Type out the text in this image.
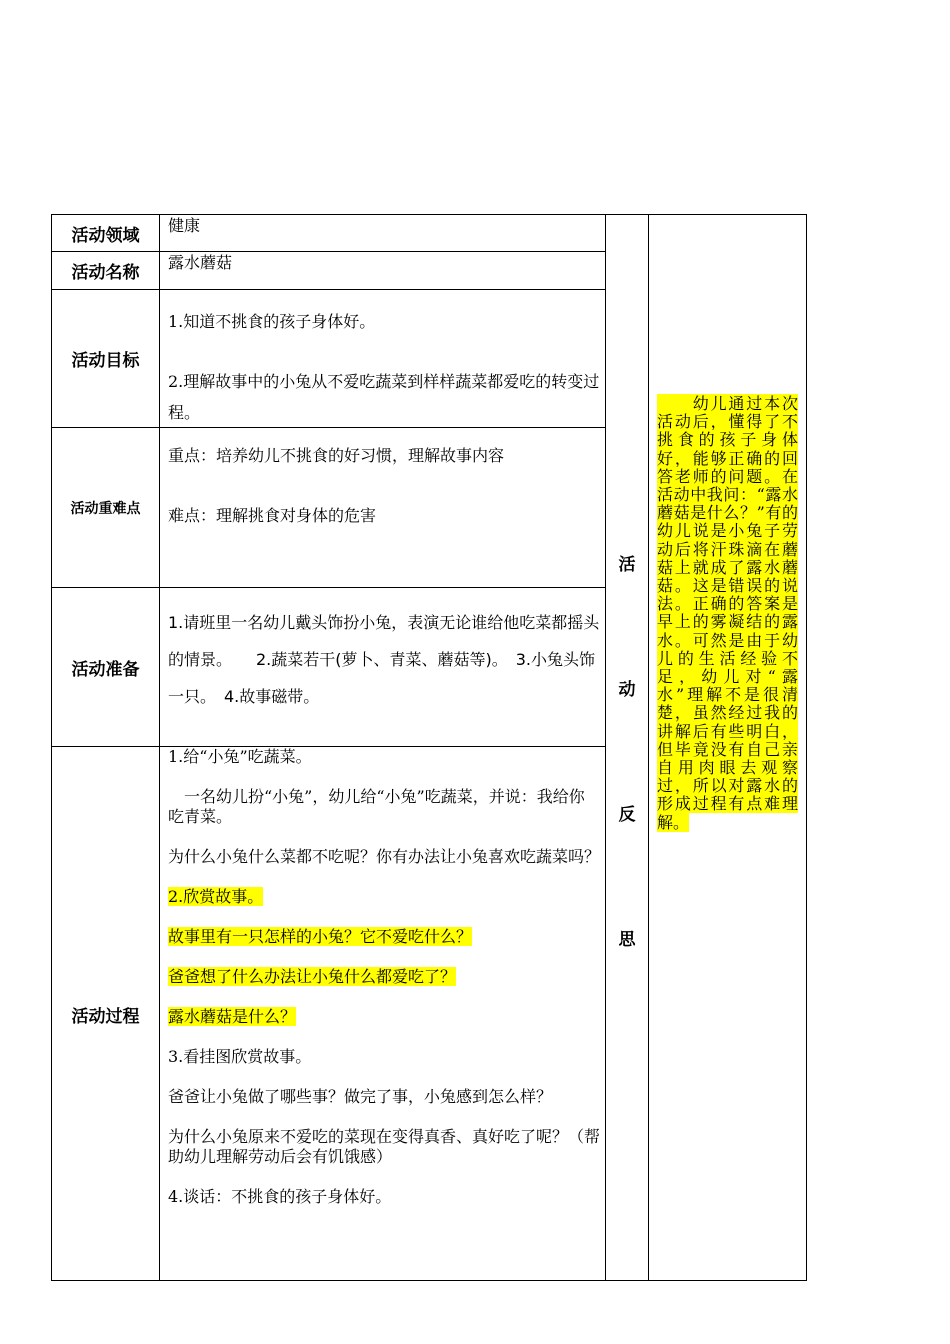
活动领域
活动名称
活动目标
活动重难点
活动准备
活动过程
健康
露水蘑菇

1.知道不挑食的孩子身体好。

2.理解故事中的小兔从不爱吃蔬菜到样样蔬菜都爱吃的转变过程。

重点：培养幼儿不挑食的好习惯，理解故事内容

难点：理解挑食对身体的危害

1.请班里一名幼儿戴头饰扮小兔，表演无论谁给他吃菜都摇头的情景。　　2.蔬菜若干(萝卜、青菜、蘑菇等)。　3.小兔头饰一只。　4.故事磁带。

1.给“小兔”吃蔬菜。

　一名幼儿扮“小兔”，幼儿给“小兔”吃蔬菜，并说：我给你吃青菜。

为什么小兔什么菜都不吃呢？你有办法让小兔喜欢吃蔬菜吗？

2.欣赏故事。

故事里有一只怎样的小兔？它不爱吃什么？

爸爸想了什么办法让小兔什么都爱吃了？

露水蘑菇是什么？

3.看挂图欣赏故事。

爸爸让小兔做了哪些事？做完了事，小兔感到怎么样？

为什么小兔原来不爱吃的菜现在变得真香、真好吃了呢？（帮助幼儿理解劳动后会有饥饿感）

4.谈话：不挑食的孩子身体好。

活
动
反
思
　　幼儿通过本次活动后，懂得了不挑食的孩子身体好，能够正确的回答老师的问题。在活动中我问：“露水蘑菇是什么？”有的幼儿说是小兔子劳动后将汗珠滴在蘑菇上就成了露水蘑菇。这是错误的说法。正确的答案是早上的雾凝结的露水。可然是由于幼儿的生活经验不足，幼儿对“露水”理解不是很清楚，虽然经过我的讲解后有些明白，但毕竟没有自己亲自用肉眼去观察过，所以对露水的形成过程有点难理解。
